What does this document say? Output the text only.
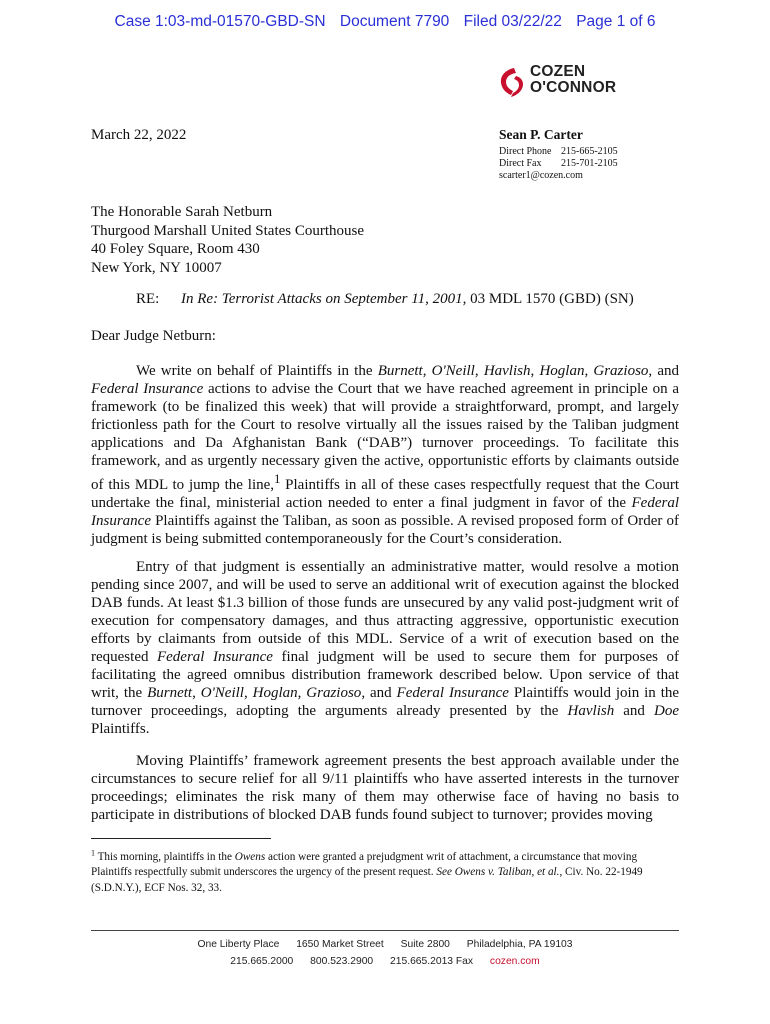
Case 1:03-md-01570-GBD-SN Document 7790 Filed 03/22/22 Page 1 of 6
COZEN
O'CONNOR
March 22, 2022	Sean P. Carter
Direct Phone 215-665-2105
Direct Fax 215-701-2105
scarter1@cozen.com
The Honorable Sarah Netburn
Thurgood Marshall United States Courthouse
40 Foley Square, Room 430
New York, NY 10007
RE: In Re: Terrorist Attacks on September 11, 2001, 03 MDL 1570 (GBD) (SN)
Dear Judge Netburn:

We write on behalf of Plaintiffs in the Burnett, O'Neill, Havlish, Hoglan, Grazioso, and Federal Insurance actions to advise the Court that we have reached agreement in principle on a framework (to be finalized this week) that will provide a straightforward, prompt, and largely frictionless path for the Court to resolve virtually all the issues raised by the Taliban judgment applications and Da Afghanistan Bank (“DAB”) turnover proceedings. To facilitate this framework, and as urgently necessary given the active, opportunistic efforts by claimants outside of this MDL to jump the line,$^1$ Plaintiffs in all of these cases respectfully request that the Court undertake the final, ministerial action needed to enter a final judgment in favor of the Federal Insurance Plaintiffs against the Taliban, as soon as possible. A revised proposed form of Order of judgment is being submitted contemporaneously for the Court’s consideration.

Entry of that judgment is essentially an administrative matter, would resolve a motion pending since 2007, and will be used to serve an additional writ of execution against the blocked DAB funds. At least $1.3 billion of those funds are unsecured by any valid post-judgment writ of execution for compensatory damages, and thus attracting aggressive, opportunistic execution efforts by claimants from outside of this MDL. Service of a writ of execution based on the requested Federal Insurance final judgment will be used to secure them for purposes of facilitating the agreed omnibus distribution framework described below. Upon service of that writ, the Burnett, O'Neill, Hoglan, Grazioso, and Federal Insurance Plaintiffs would join in the turnover proceedings, adopting the arguments already presented by the Havlish and Doe Plaintiffs.

Moving Plaintiffs’ framework agreement presents the best approach available under the circumstances to secure relief for all 9/11 plaintiffs who have asserted interests in the turnover proceedings; eliminates the risk many of them may otherwise face of having no basis to participate in distributions of blocked DAB funds found subject to turnover; provides moving

$^1$ This morning, plaintiffs in the Owens action were granted a prejudgment writ of attachment, a circumstance that moving Plaintiffs respectfully submit underscores the urgency of the present request. See Owens v. Taliban, et al., Civ. No. 22-1949 (S.D.N.Y.), ECF Nos. 32, 33.
One Liberty Place 1650 Market Street Suite 2800 Philadelphia, PA 19103
215.665.2000 800.523.2900 215.665.2013 Fax cozen.com
